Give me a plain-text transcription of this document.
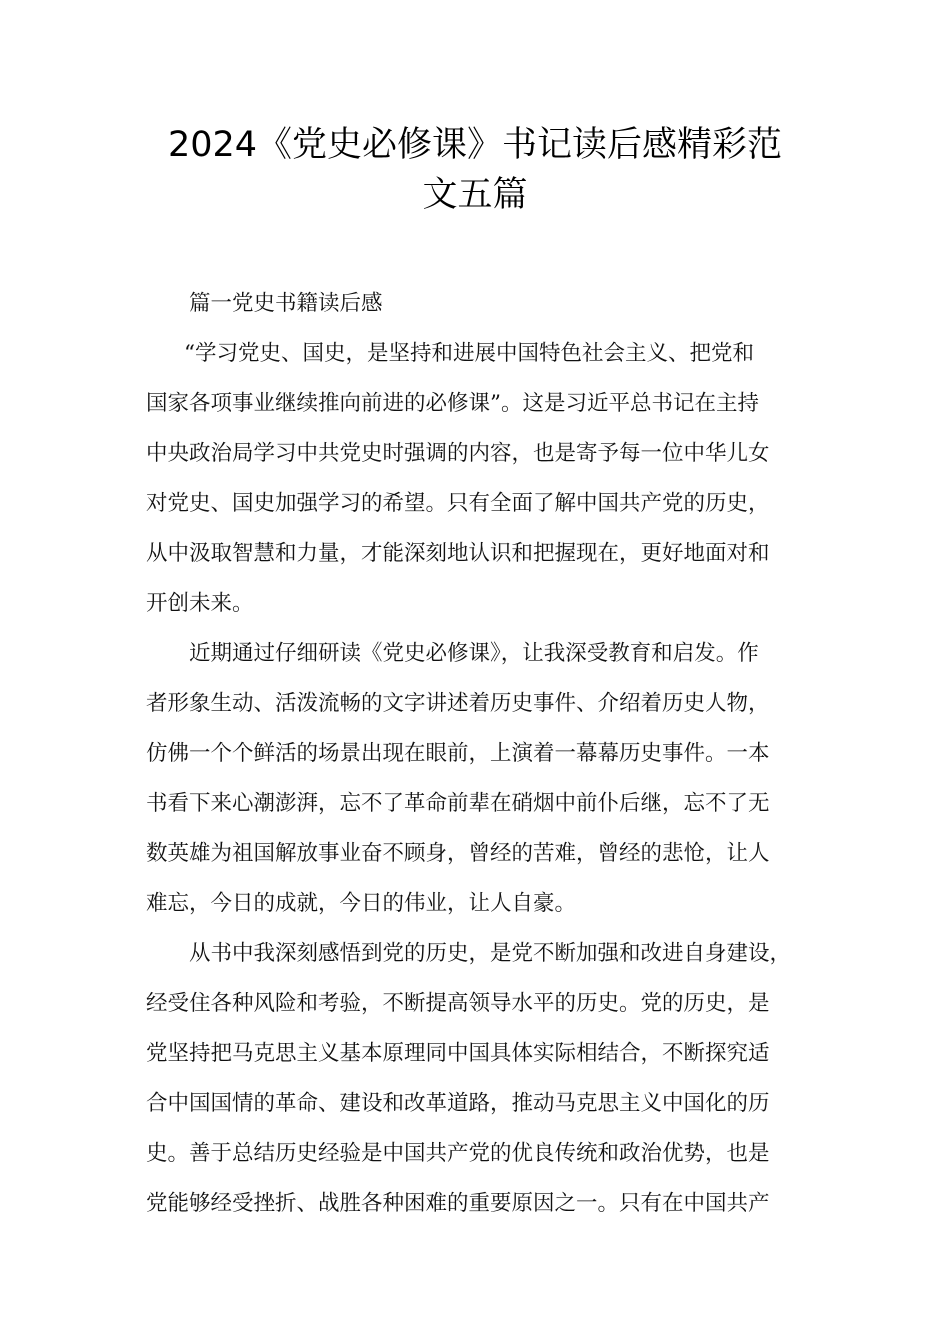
2024《党史必修课》书记读后感精彩范
文五篇

篇一党史书籍读后感

“学习党史、国史，是坚持和进展中国特色社会主义、把党和
国家各项事业继续推向前进的必修课”。这是习近平总书记在主持
中央政治局学习中共党史时强调的内容，也是寄予每一位中华儿女
对党史、国史加强学习的希望。只有全面了解中国共产党的历史，
从中汲取智慧和力量，才能深刻地认识和把握现在，更好地面对和
开创未来。

近期通过仔细研读《党史必修课》，让我深受教育和启发。作
者形象生动、活泼流畅的文字讲述着历史事件、介绍着历史人物，
仿佛一个个鲜活的场景出现在眼前，上演着一幕幕历史事件。一本
书看下来心潮澎湃，忘不了革命前辈在硝烟中前仆后继，忘不了无
数英雄为祖国解放事业奋不顾身，曾经的苦难，曾经的悲怆，让人
难忘，今日的成就，今日的伟业，让人自豪。

从书中我深刻感悟到党的历史，是党不断加强和改进自身建设，
经受住各种风险和考验，不断提高领导水平的历史。党的历史，是
党坚持把马克思主义基本原理同中国具体实际相结合，不断探究适
合中国国情的革命、建设和改革道路，推动马克思主义中国化的历
史。善于总结历史经验是中国共产党的优良传统和政治优势，也是
党能够经受挫折、战胜各种困难的重要原因之一。只有在中国共产
